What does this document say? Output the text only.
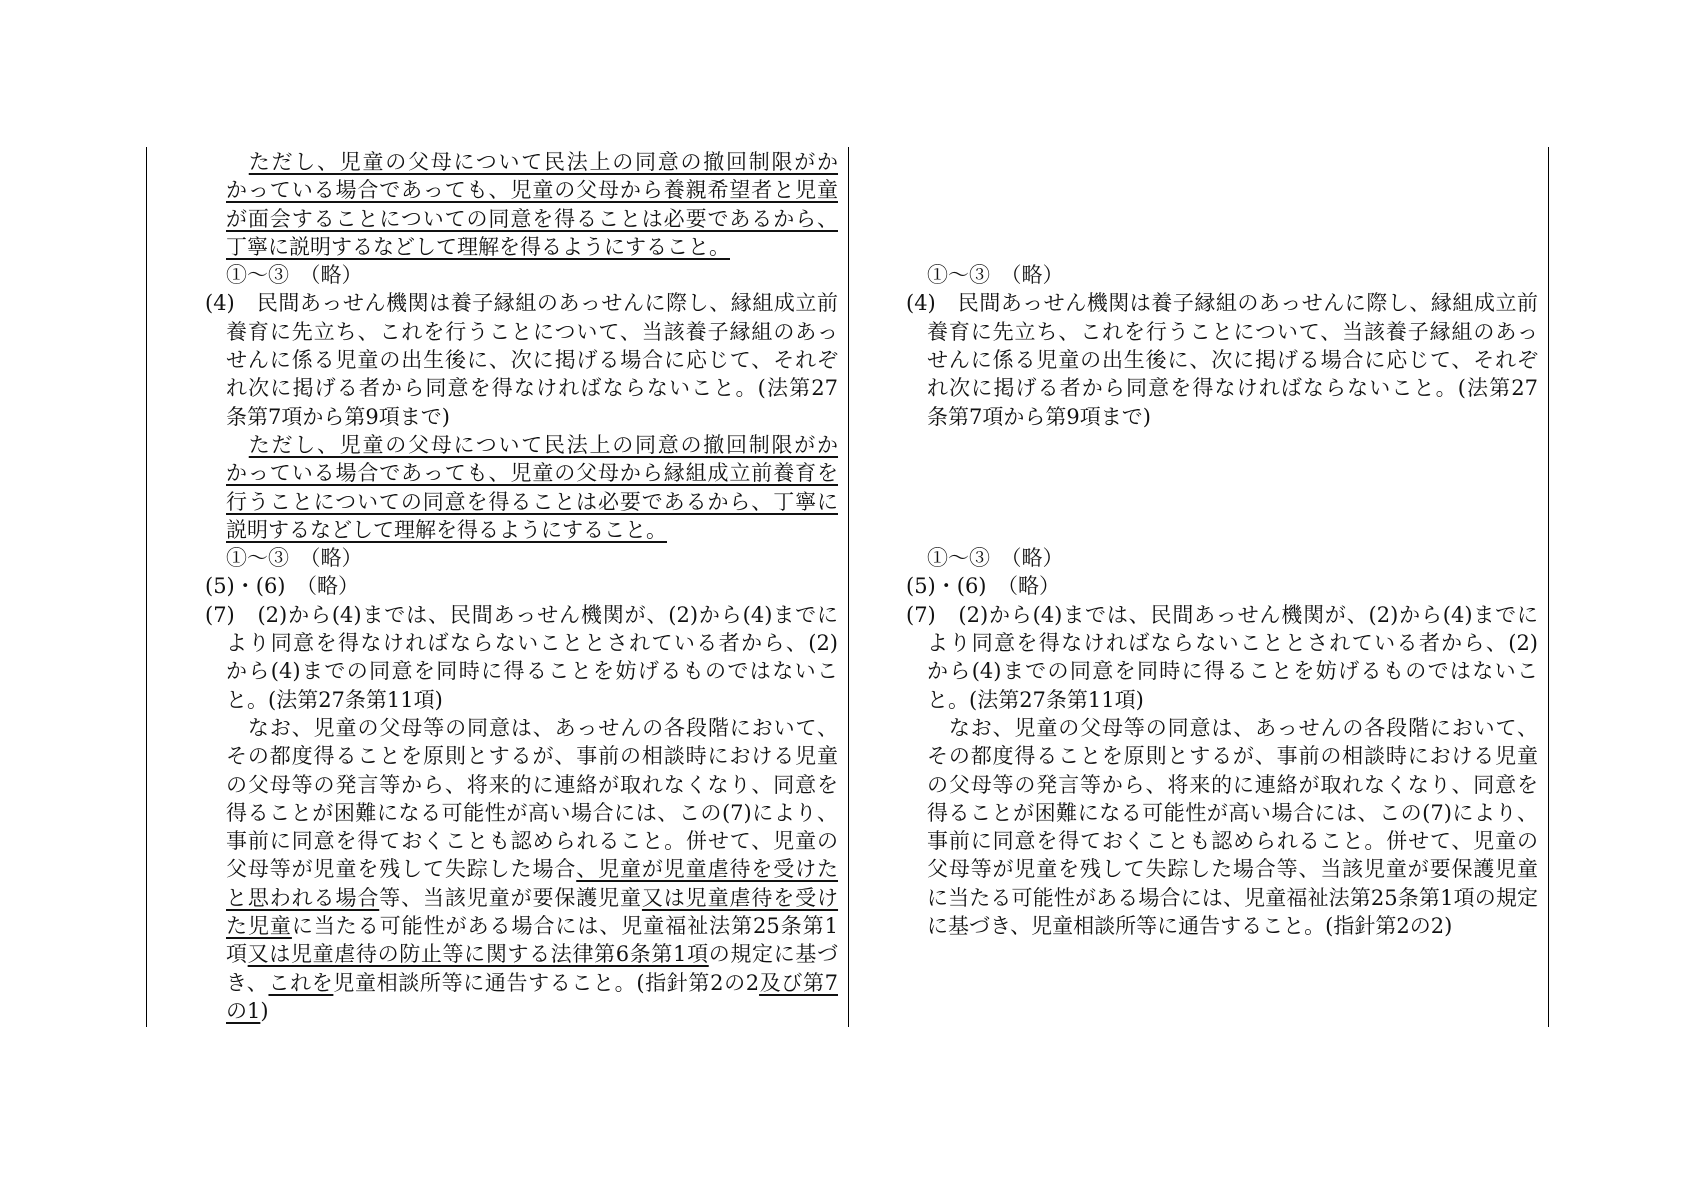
　ただし、児童の父母について民法上の同意の撤回制限がか
かっている場合であっても、児童の父母から養親希望者と児童
が面会することについての同意を得ることは必要であるから、
丁寧に説明するなどして理解を得るようにすること。
①～③　（略）
(4)　民間あっせん機関は養子縁組のあっせんに際し、縁組成立前
養育に先立ち、これを行うことについて、当該養子縁組のあっ
せんに係る児童の出生後に、次に掲げる場合に応じて、それぞ
れ次に掲げる者から同意を得なければならないこと。(法第27
条第7項から第9項まで)
　ただし、児童の父母について民法上の同意の撤回制限がか
かっている場合であっても、児童の父母から縁組成立前養育を
行うことについての同意を得ることは必要であるから、丁寧に
説明するなどして理解を得るようにすること。
①～③　（略）
(5)・(6)　（略）
(7)　(2)から(4)までは、民間あっせん機関が、(2)から(4)までに
より同意を得なければならないこととされている者から、(2)
から(4)までの同意を同時に得ることを妨げるものではないこ
と。(法第27条第11項)
　なお、児童の父母等の同意は、あっせんの各段階において、
その都度得ることを原則とするが、事前の相談時における児童
の父母等の発言等から、将来的に連絡が取れなくなり、同意を
得ることが困難になる可能性が高い場合には、この(7)により、
事前に同意を得ておくことも認められること。併せて、児童の
父母等が児童を残して失踪した場合、児童が児童虐待を受けた
と思われる場合等、当該児童が要保護児童又は児童虐待を受け
た児童に当たる可能性がある場合には、児童福祉法第25条第1
項又は児童虐待の防止等に関する法律第6条第1項の規定に基づ
き、これを児童相談所等に通告すること。(指針第2の2及び第7
の1)
①～③　（略）
(4)　民間あっせん機関は養子縁組のあっせんに際し、縁組成立前
養育に先立ち、これを行うことについて、当該養子縁組のあっ
せんに係る児童の出生後に、次に掲げる場合に応じて、それぞ
れ次に掲げる者から同意を得なければならないこと。(法第27
条第7項から第9項まで)
①～③　（略）
(5)・(6)　（略）
(7)　(2)から(4)までは、民間あっせん機関が、(2)から(4)までに
より同意を得なければならないこととされている者から、(2)
から(4)までの同意を同時に得ることを妨げるものではないこ
と。(法第27条第11項)
　なお、児童の父母等の同意は、あっせんの各段階において、
その都度得ることを原則とするが、事前の相談時における児童
の父母等の発言等から、将来的に連絡が取れなくなり、同意を
得ることが困難になる可能性が高い場合には、この(7)により、
事前に同意を得ておくことも認められること。併せて、児童の
父母等が児童を残して失踪した場合等、当該児童が要保護児童
に当たる可能性がある場合には、児童福祉法第25条第1項の規定
に基づき、児童相談所等に通告すること。(指針第2の2)
